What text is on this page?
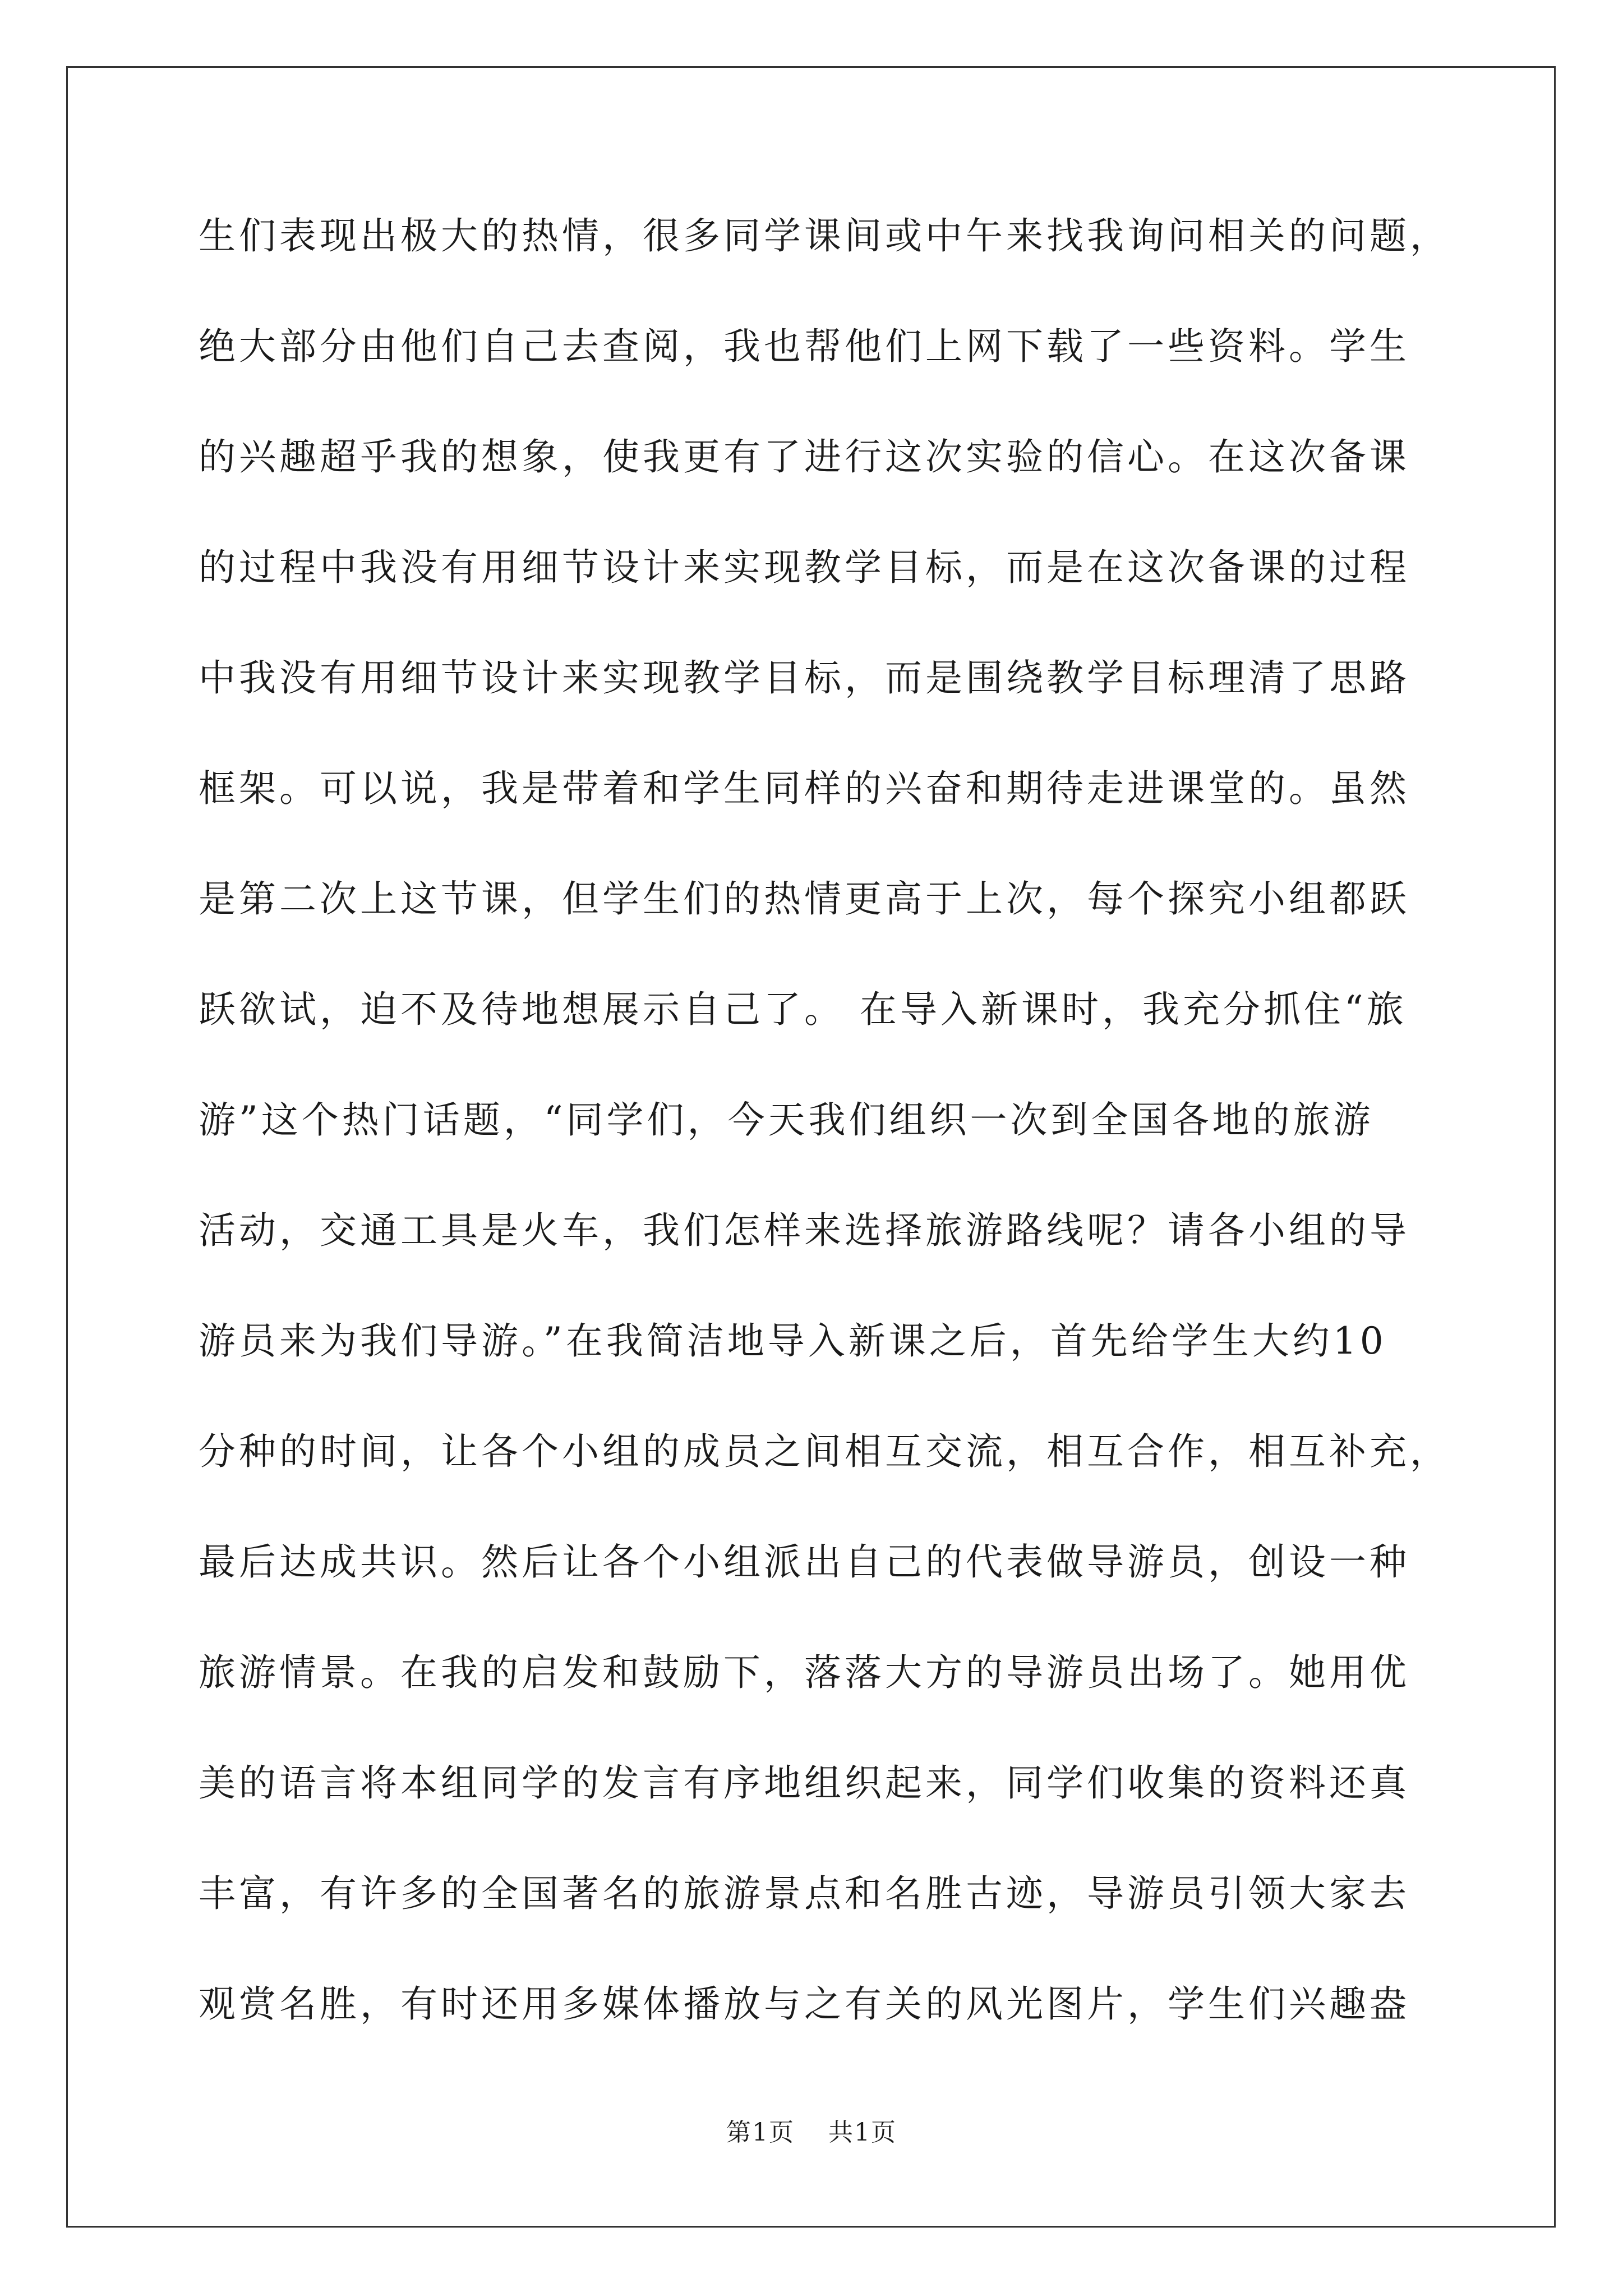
生们表现出极大的热情，很多同学课间或中午来找我询问相关的问题，
绝大部分由他们自己去查阅，我也帮他们上网下载了一些资料。学生
的兴趣超乎我的想象，使我更有了进行这次实验的信心。在这次备课
的过程中我没有用细节设计来实现教学目标，而是在这次备课的过程
中我没有用细节设计来实现教学目标，而是围绕教学目标理清了思路
框架。可以说，我是带着和学生同样的兴奋和期待走进课堂的。虽然
是第二次上这节课，但学生们的热情更高于上次，每个探究小组都跃
跃欲试，迫不及待地想展示自己了。 在导入新课时，我充分抓住“旅
游”这个热门话题，“同学们，今天我们组织一次到全国各地的旅游
活动，交通工具是火车，我们怎样来选择旅游路线呢？请各小组的导
游员来为我们导游。”在我简洁地导入新课之后，首先给学生大约10
分种的时间，让各个小组的成员之间相互交流，相互合作，相互补充，
最后达成共识。然后让各个小组派出自己的代表做导游员，创设一种
旅游情景。在我的启发和鼓励下，落落大方的导游员出场了。她用优
美的语言将本组同学的发言有序地组织起来，同学们收集的资料还真
丰富，有许多的全国著名的旅游景点和名胜古迹，导游员引领大家去
观赏名胜，有时还用多媒体播放与之有关的风光图片，学生们兴趣盎
第1页 共1页
